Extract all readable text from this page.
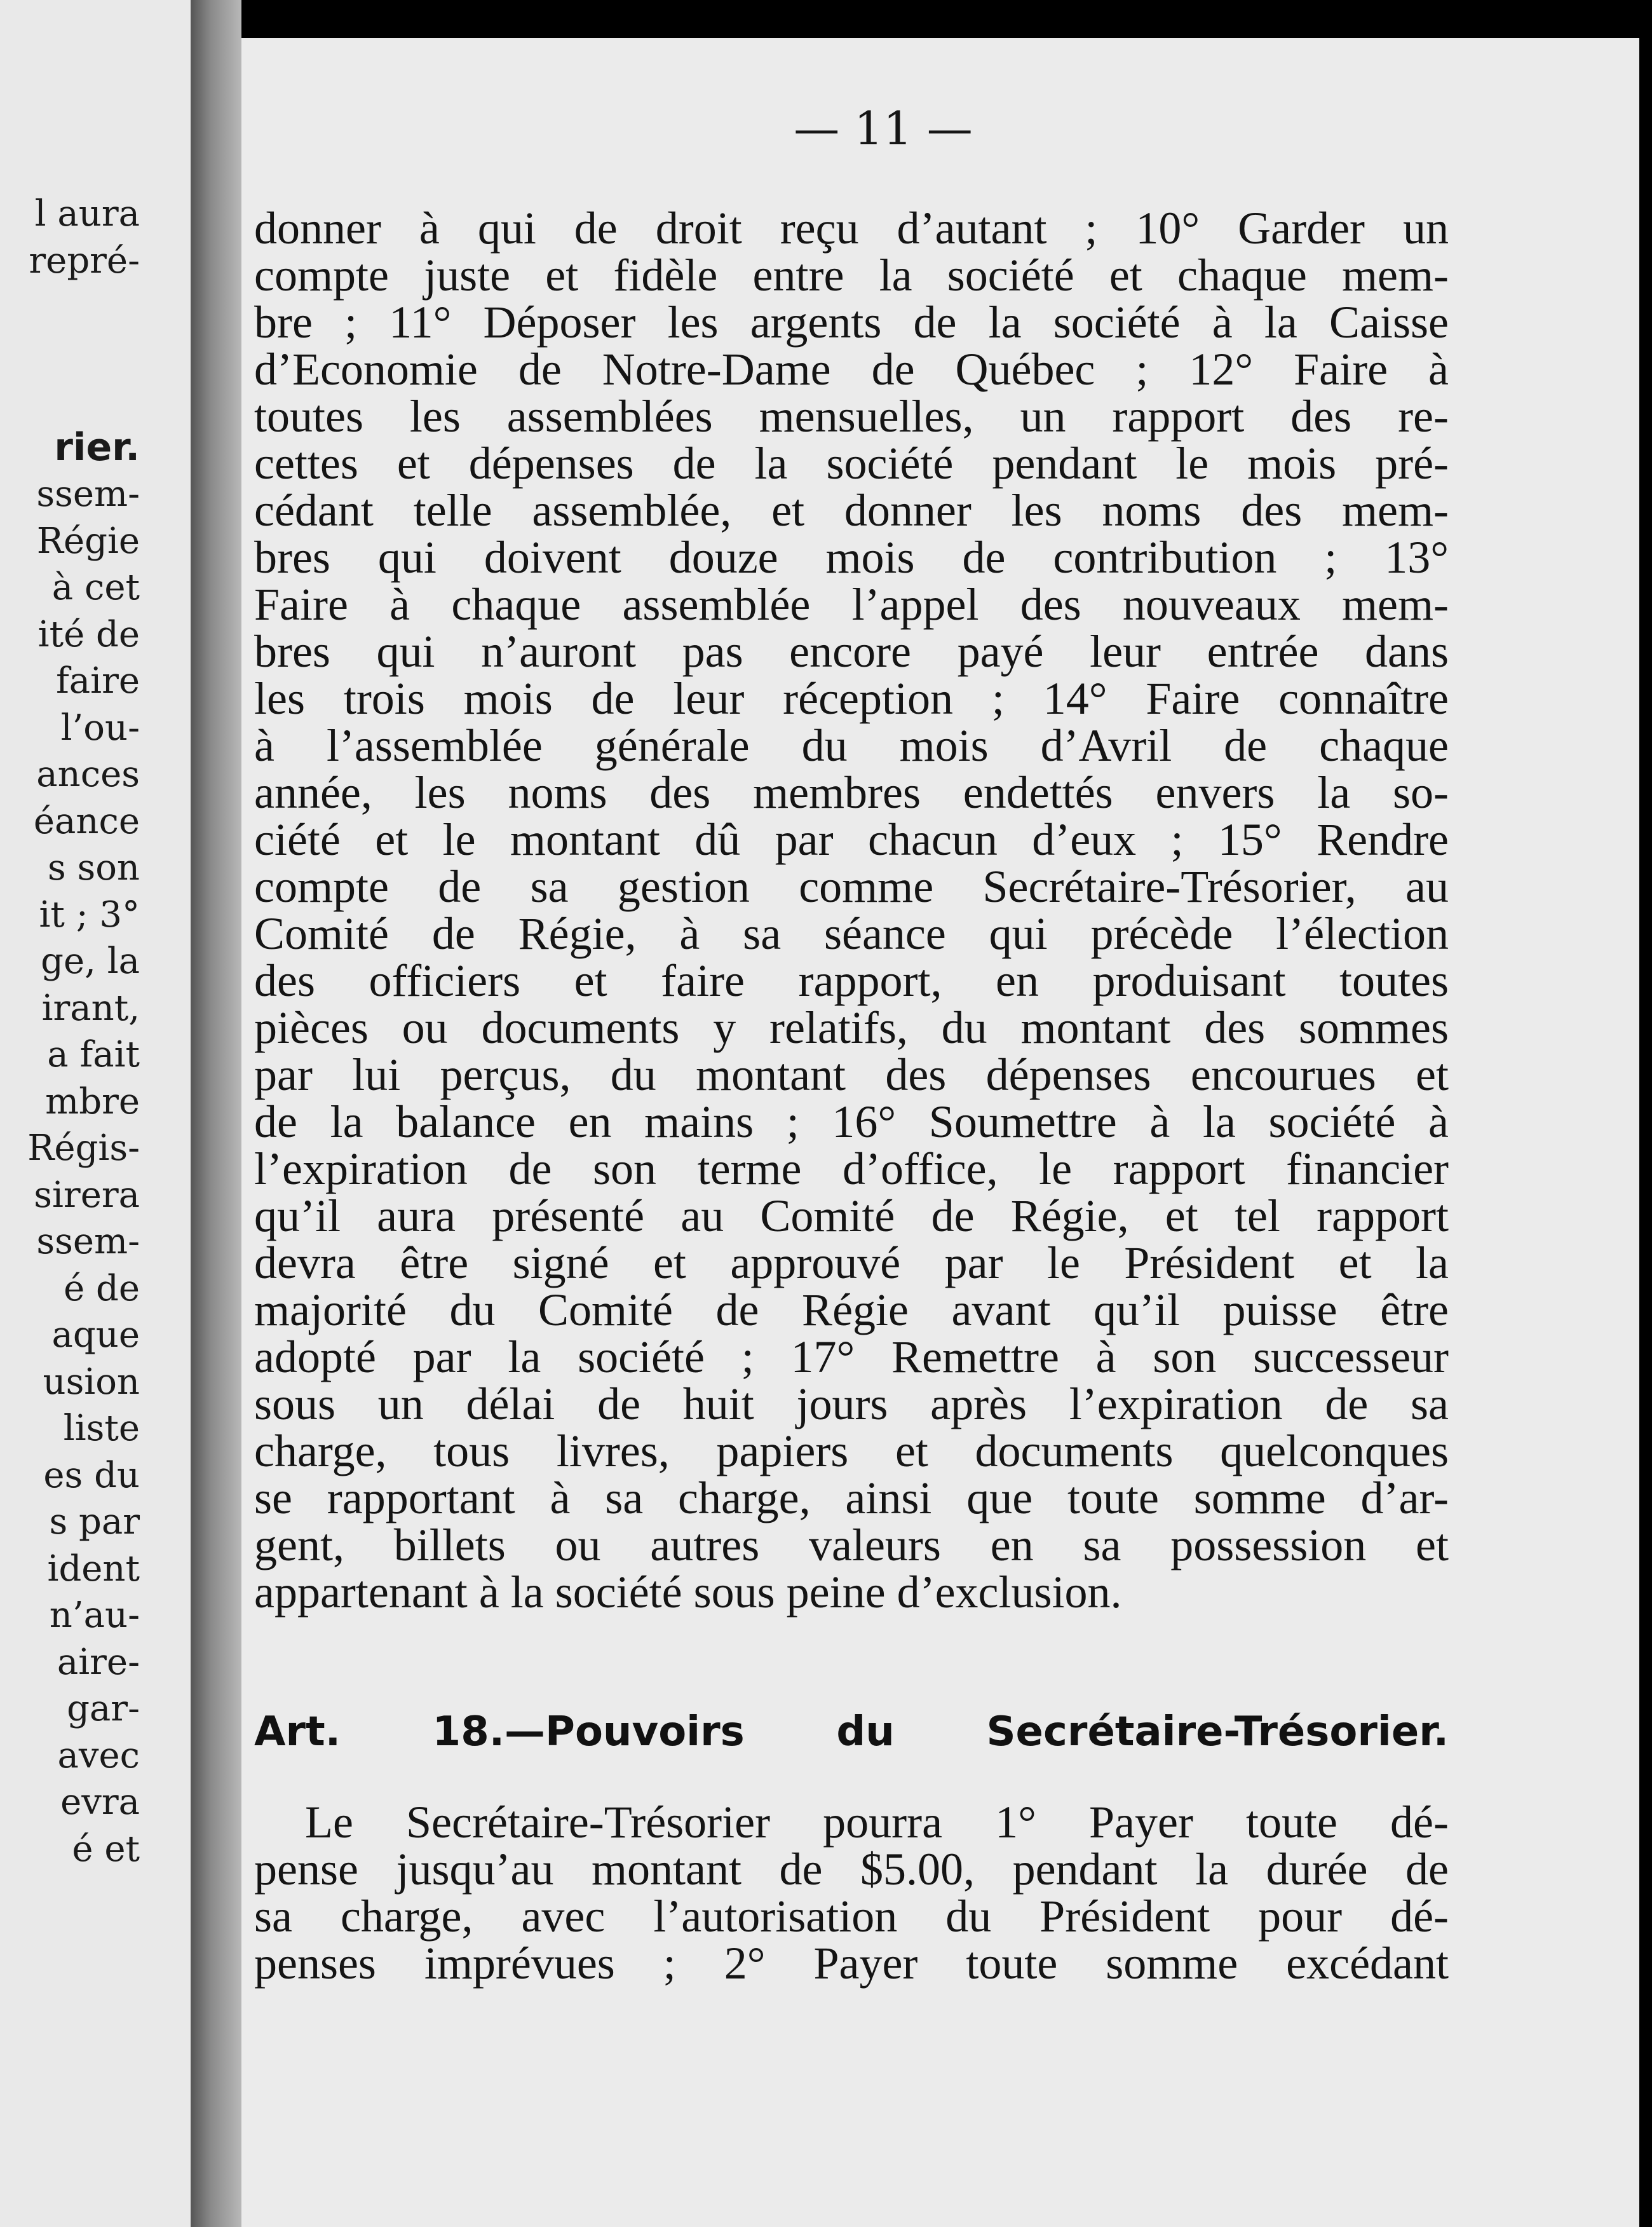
l aura
repré-
rier.
ssem-
Régie
à cet
ité de
faire
l’ou-
ances
éance
s son
it ; 3°
ge, la
irant,
a fait
mbre
Régis-
sirera
ssem-
é de
aque
usion
liste
es du
s par
ident
n’au-
aire-
gar-
avec
evra
é et
— 11 —
donner à qui de droit reçu d’autant ; 10° Garder un
compte juste et fidèle entre la société et chaque mem-
bre ; 11° Déposer les argents de la société à la Caisse
d’Economie de Notre-Dame de Québec ; 12° Faire à
toutes les assemblées mensuelles, un rapport des re-
cettes et dépenses de la société pendant le mois pré-
cédant telle assemblée, et donner les noms des mem-
bres qui doivent douze mois de contribution ; 13°
Faire à chaque assemblée l’appel des nouveaux mem-
bres qui n’auront pas encore payé leur entrée dans
les trois mois de leur réception ; 14° Faire connaître
à l’assemblée générale du mois d’Avril de chaque
année, les noms des membres endettés envers la so-
ciété et le montant dû par chacun d’eux ; 15° Rendre
compte de sa gestion comme Secrétaire-Trésorier, au
Comité de Régie, à sa séance qui précède l’élection
des officiers et faire rapport, en produisant toutes
pièces ou documents y relatifs, du montant des sommes
par lui perçus, du montant des dépenses encourues et
de la balance en mains ; 16° Soumettre à la société à
l’expiration de son terme d’office, le rapport financier
qu’il aura présenté au Comité de Régie, et tel rapport
devra être signé et approuvé par le Président et la
majorité du Comité de Régie avant qu’il puisse être
adopté par la société ; 17° Remettre à son successeur
sous un délai de huit jours après l’expiration de sa
charge, tous livres, papiers et documents quelconques
se rapportant à sa charge, ainsi que toute somme d’ar-
gent, billets ou autres valeurs en sa possession et
appartenant à la société sous peine d’exclusion.
Art. 18.—Pouvoirs du Secrétaire-Trésorier.
Le Secrétaire-Trésorier pourra 1° Payer toute dé-
pense jusqu’au montant de $5.00, pendant la durée de
sa charge, avec l’autorisation du Président pour dé-
penses imprévues ; 2° Payer toute somme excédant
